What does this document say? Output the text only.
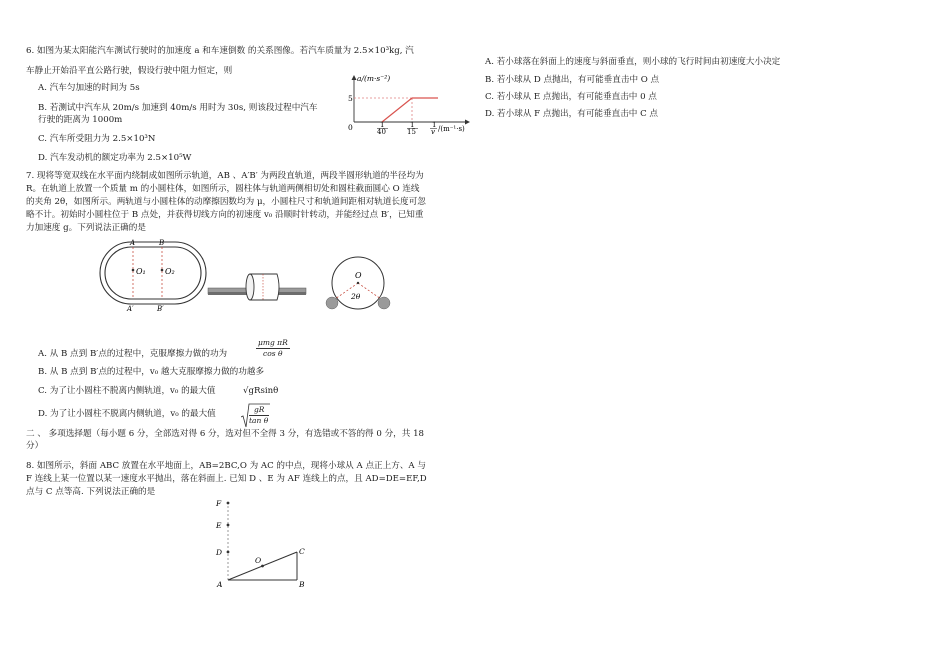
6. 如图为某太阳能汽车测试行驶时的加速度 a 和车速倒数 的关系图像。若汽车质量为 2.5×10³kg, 汽
车静止开始沿平直公路行驶，假设行驶中阻力恒定，则
A. 汽车匀加速的时间为 5s
B. 若测试中汽车从 20m/s 加速到 40m/s 用时为 30s, 则该段过程中汽车
行驶的距离为 1000m
C. 汽车所受阻力为 2.5×10³N
D. 汽车发动机的额定功率为 2.5×10⁵W
a/(m·s⁻²)
5
0	1
40
1
15
1
v /(m⁻¹·s)
7. 现将等宽双线在水平面内绕制成如图所示轨道，AB 、A′B′ 为两段直轨道，两段半圆形轨道的半径均为
R。在轨道上放置一个质量 m 的小圆柱体，如图所示，圆柱体与轨道两侧相切处和圆柱截面圆心 O 连线
的夹角 2θ，如图所示。两轨道与小圆柱体的动摩擦因数均为 μ，小圆柱尺寸和轨道间距相对轨道长度可忽
略不计。初始时小圆柱位于 B 点处，并获得切线方向的初速度 v₀ 沿顺时针转动，并能经过点 B′，已知重
力加速度 g。下列说法正确的是
O₁ O₂
A	B
A′	B′
O
2θ
A. 从 B 点到 B′点的过程中，克服摩擦力做的功为
μmg πR
cos θ
B. 从 B 点到 B′点的过程中，v₀ 越大克服摩擦力做的功越多
C. 为了让小圆柱不脱离内侧轨道，v₀ 的最大值	√gRsinθ
D. 为了让小圆柱不脱离内侧轨道，v₀ 的最大值	gR
tan θ
二 、 多项选择题（每小题 6 分，全部选对得 6 分，选对但不全得 3 分，有选错或不答的得 0 分，共 18
分）
8. 如图所示，斜面 ABC 放置在水平地面上，AB=2BC,O 为 AC 的中点，现将小球从 A 点正上方、A 与
F 连线上某一位置以某一速度水平抛出，落在斜面上. 已知 D 、E 为 AF 连线上的点，且 AD=DE=EF,D
点与 C 点等高. 下列说法正确的是
F
E
D
O
C
A	B
A. 若小球落在斜面上的速度与斜面垂直，则小球的飞行时间由初速度大小决定
B. 若小球从 D 点抛出，有可能垂直击中 O 点
C. 若小球从 E 点抛出，有可能垂直击中 0 点
D. 若小球从 F 点抛出，有可能垂直击中 C 点
